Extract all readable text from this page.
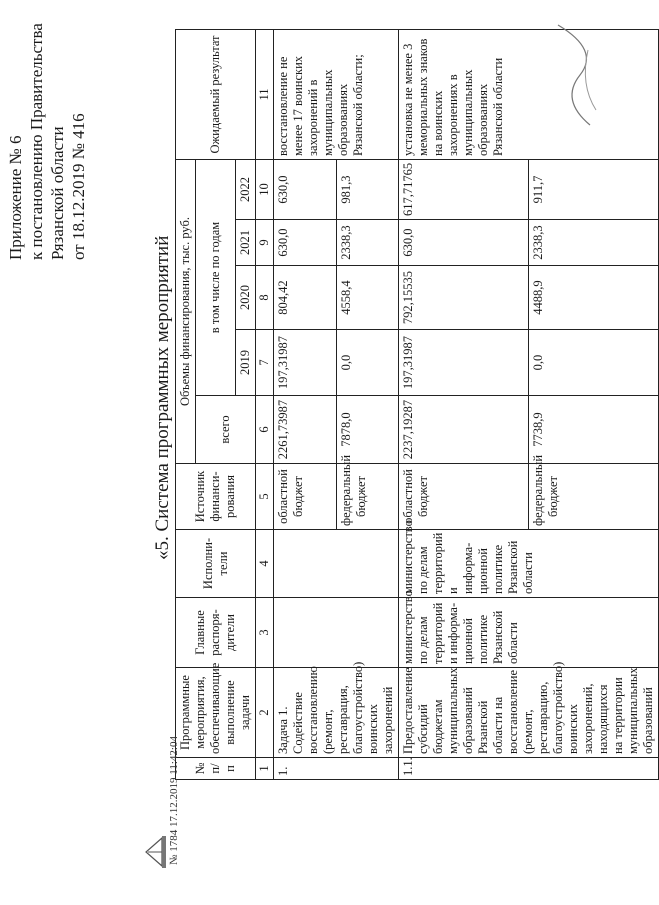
Приложение № 6 к постановлению Правительства Рязанской области от 18.12.2019 № 416
«5. Система программных мероприятий
№ п/п	Программные мероприятия, обеспечивающие выполнение задачи	Главные распоря-дители	Исполни-тели	Источник финанси-рования	Объемы финансирования, тыс. руб.					Ожидаемый результат
					всего	в том числе по годам				
						2019	2020	2021	2022	
1	2	3	4	5	6	7	8	9	10	11
1.	Задача 1. Содействие восстановлению (ремонт, реставрация, благоустройство) воинских захоронений			областной бюджет	2261,73987	197,31987	804,42	630,0	630,0	восстановление не менее 17 воинских захоронений в муниципальных образованиях Рязанской области;
				федеральный бюджет	7878,0	0,0	4558,4	2338,3	981,3	
1.1.	Предоставление субсидий бюджетам муниципальных образований Рязанской области на восстановление (ремонт, реставрацию, благоустройство) воинских захоронений, находящихся на территории муниципальных образований	министерство по делам территорий и информа-ционной политике Рязанской области	министерство по делам территорий и информа-ционной политике Рязанской области	областной бюджет	2237,19287	197,31987	792,15535	630,0	617,71765	установка не менее 3 мемориальных знаков на воинских захоронениях в муниципальных образованиях Рязанской области
				федеральный бюджет	7738,9	0,0	4488,9	2338,3	911,7	
№ 1784 17.12.2019 11:42:04
